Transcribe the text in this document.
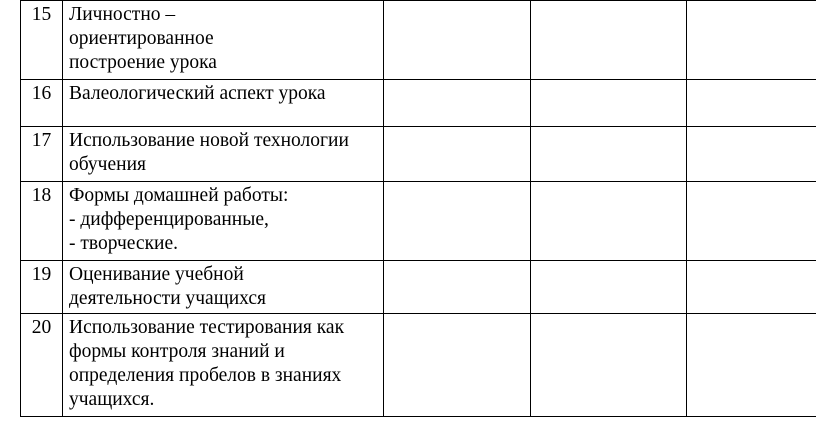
15	Личностно –
ориентированное
построение урока				
16	Валеологический аспект урока				
17	Использование новой технологии
обучения				
18	Формы домашней работы:
- дифференцированные,
- творческие.				
19	Оценивание учебной
деятельности учащихся				
20	Использование тестирования как
формы контроля знаний и
определения пробелов в знаниях
учащихся.				
